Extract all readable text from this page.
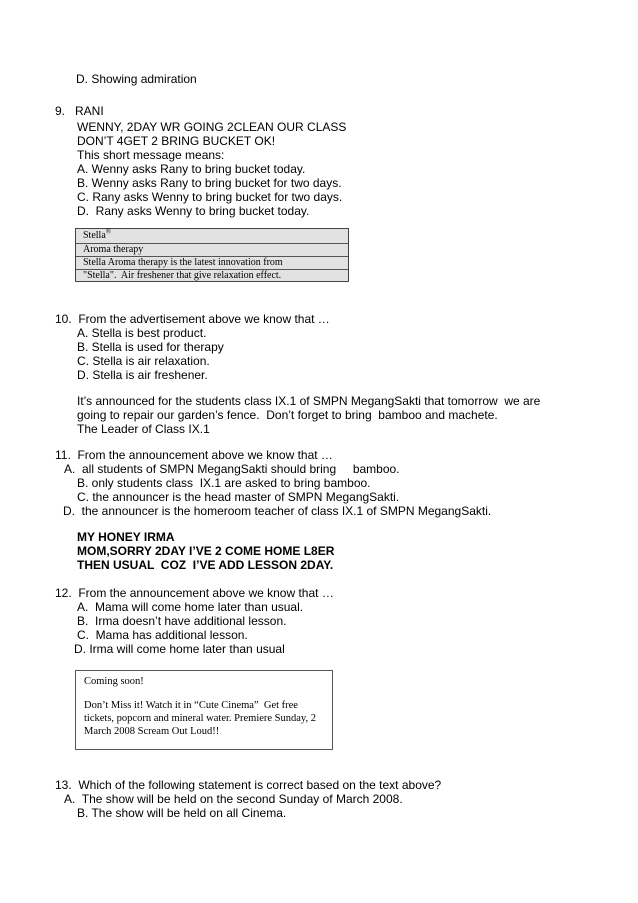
D. Showing admiration
9.   RANI
WENNY, 2DAY WR GOING 2CLEAN OUR CLASS
DON’T 4GET 2 BRING BUCKET OK!
This short message means:
A. Wenny asks Rany to bring bucket today.
B. Wenny asks Rany to bring bucket for two days.
C. Rany asks Wenny to bring bucket for two days.
D.  Rany asks Wenny to bring bucket today.
Stella®
Aroma therapy
Stella Aroma therapy is the latest innovation from
"Stella".  Air freshener that give relaxation effect.
10.  From the advertisement above we know that …
A. Stella is best product.
B. Stella is used for therapy
C. Stella is air relaxation.
D. Stella is air freshener.
It’s announced for the students class IX.1 of SMPN MegangSakti that tomorrow  we are
going to repair our garden’s fence.  Don’t forget to bring  bamboo and machete.
The Leader of Class IX.1
11.  From the announcement above we know that …
A.  all students of SMPN MegangSakti should bring     bamboo.
B. only students class  IX.1 are asked to bring bamboo.
C. the announcer is the head master of SMPN MegangSakti.
D.  the announcer is the homeroom teacher of class IX.1 of SMPN MegangSakti.
MY HONEY IRMA
MOM,SORRY 2DAY I’VE 2 COME HOME L8ER
THEN USUAL  COZ  I’VE ADD LESSON 2DAY.
12.  From the announcement above we know that …
A.  Mama will come home later than usual.
B.  Irma doesn’t have additional lesson.
C.  Mama has additional lesson.
D. Irma will come home later than usual
Coming soon!
Don’t Miss it! Watch it in “Cute Cinema”  Get free
tickets, popcorn and mineral water. Premiere Sunday, 2
March 2008 Scream Out Loud!!
13.  Which of the following statement is correct based on the text above?
A.  The show will be held on the second Sunday of March 2008.
B. The show will be held on all Cinema.
